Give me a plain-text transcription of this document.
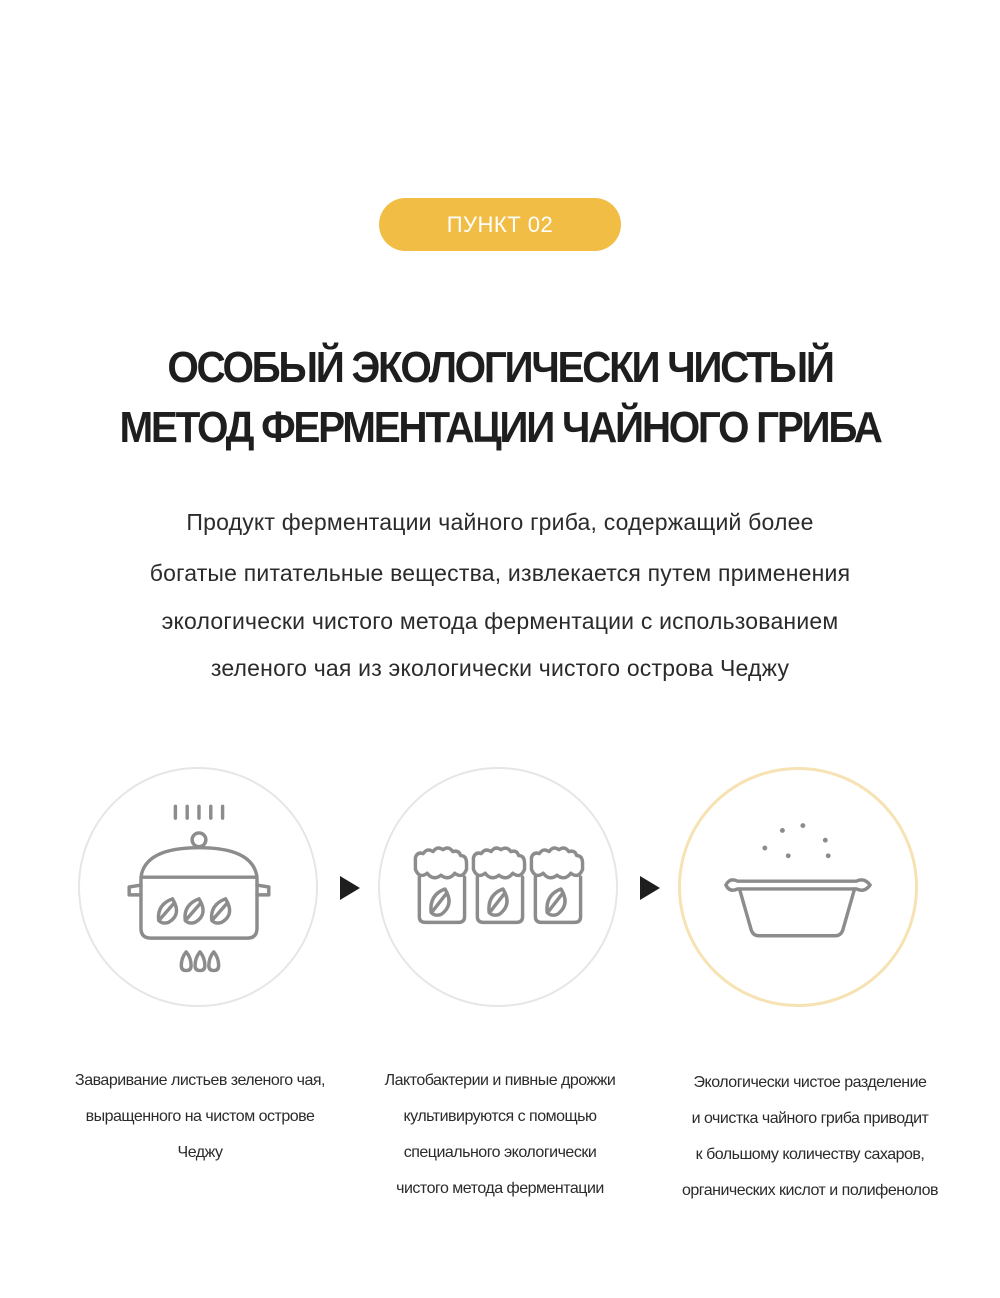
ПУНКТ 02
ОСОБЫЙ ЭКОЛОГИЧЕСКИ ЧИСТЫЙ
МЕТОД ФЕРМЕНТАЦИИ ЧАЙНОГО ГРИБА
Продукт ферментации чайного гриба, содержащий более
богатые питательные вещества, извлекается путем применения
экологически чистого метода ферментации с использованием
зеленого чая из экологически чистого острова Чеджу
Заваривание листьев зеленого чая,
выращенного на чистом острове
Чеджу
Лактобактерии и пивные дрожжи
культивируются с помощью
специального экологически
чистого метода ферментации
Экологически чистое разделение
и очистка чайного гриба приводит
к большому количеству сахаров,
органических кислот и полифенолов
